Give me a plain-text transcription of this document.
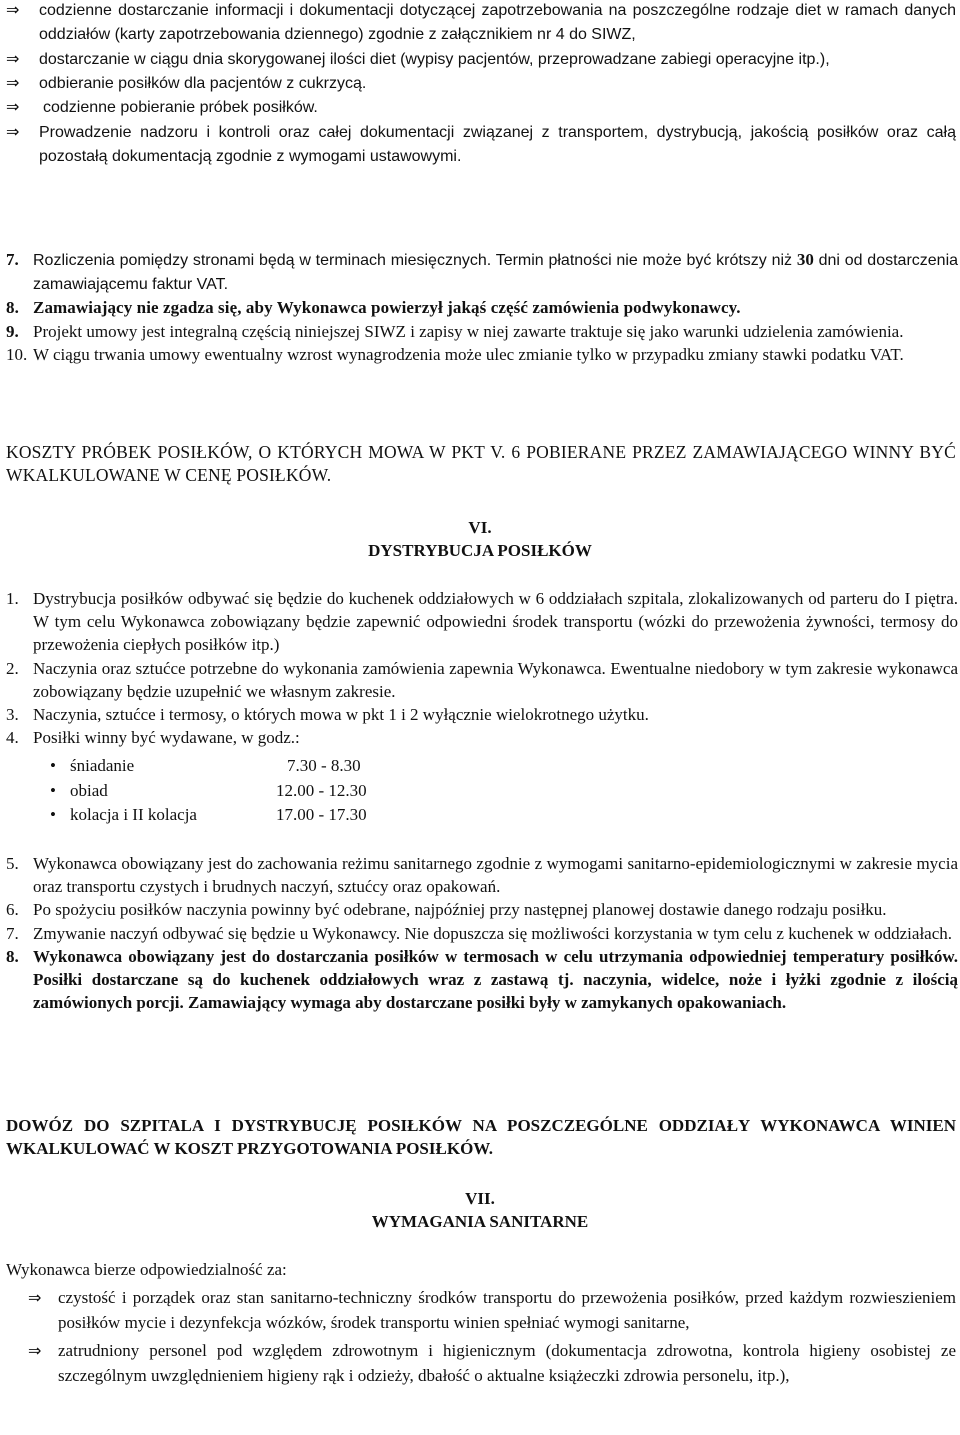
⇒ codzienne dostarczanie informacji i dokumentacji dotyczącej zapotrzebowania na poszczególne rodzaje diet w ramach danych oddziałów (karty zapotrzebowania dziennego) zgodnie z załącznikiem nr 4 do SIWZ,
⇒ dostarczanie w ciągu dnia skorygowanej ilości diet (wypisy pacjentów, przeprowadzane zabiegi operacyjne itp.),
⇒ odbieranie posiłków dla pacjentów z cukrzycą.
⇒ codzienne pobieranie próbek posiłków.
⇒ Prowadzenie nadzoru i kontroli oraz całej dokumentacji związanej z transportem, dystrybucją, jakością posiłków oraz całą pozostałą dokumentacją zgodnie z wymogami ustawowymi.
7. Rozliczenia pomiędzy stronami będą w terminach miesięcznych. Termin płatności nie może być krótszy niż 30 dni od dostarczenia zamawiającemu faktur VAT.
8. Zamawiający nie zgadza się, aby Wykonawca powierzył jakąś część zamówienia podwykonawcy.
9. Projekt umowy jest integralną częścią niniejszej SIWZ i zapisy w niej zawarte traktuje się jako warunki udzielenia zamówienia.
10. W ciągu trwania umowy ewentualny wzrost wynagrodzenia może ulec zmianie tylko w przypadku zmiany stawki podatku VAT.
KOSZTY PRÓBEK POSIŁKÓW, O KTÓRYCH MOWA W PKT V. 6 POBIERANE PRZEZ ZAMAWIAJĄCEGO WINNY BYĆ WKALKULOWANE W CENĘ POSIŁKÓW.
VI.
DYSTRYBUCJA POSIŁKÓW
1. Dystrybucja posiłków odbywać się będzie do kuchenek oddziałowych w 6 oddziałach szpitala, zlokalizowanych od parteru do I piętra. W tym celu Wykonawca zobowiązany będzie zapewnić odpowiedni środek transportu (wózki do przewożenia żywności, termosy do przewożenia ciepłych posiłków itp.)
2. Naczynia oraz sztućce potrzebne do wykonania zamówienia zapewnia Wykonawca. Ewentualne niedobory w tym zakresie wykonawca zobowiązany będzie uzupełnić we własnym zakresie.
3. Naczynia, sztućce i termosy, o których mowa w pkt 1 i 2 wyłącznie wielokrotnego użytku.
4. Posiłki winny być wydawane, w godz.:
• śniadanie	7.30 - 8.30
• obiad	12.00 - 12.30
• kolacja i II kolacja	17.00 - 17.30
5. Wykonawca obowiązany jest do zachowania reżimu sanitarnego zgodnie z wymogami sanitarno-epidemiologicznymi w zakresie mycia oraz transportu czystych i brudnych naczyń, sztućcy oraz opakowań.
6. Po spożyciu posiłków naczynia powinny być odebrane, najpóźniej przy następnej planowej dostawie danego rodzaju posiłku.
7. Zmywanie naczyń odbywać się będzie u Wykonawcy. Nie dopuszcza się możliwości korzystania w tym celu z kuchenek w oddziałach.
8. Wykonawca obowiązany jest do dostarczania posiłków w termosach w celu utrzymania odpowiedniej temperatury posiłków. Posiłki dostarczane są do kuchenek oddziałowych wraz z zastawą tj. naczynia, widelce, noże i łyżki zgodnie z ilością zamówionych porcji. Zamawiający wymaga aby dostarczane posiłki były w zamykanych opakowaniach.
DOWÓZ DO SZPITALA I DYSTRYBUCJĘ POSIŁKÓW NA POSZCZEGÓLNE ODDZIAŁY WYKONAWCA WINIEN WKALKULOWAĆ W KOSZT PRZYGOTOWANIA POSIŁKÓW.
VII.
WYMAGANIA SANITARNE
Wykonawca bierze odpowiedzialność za:
⇒ czystość i porządek oraz stan sanitarno-techniczny środków transportu do przewożenia posiłków, przed każdym rozwieszieniem posiłków mycie i dezynfekcja wózków, środek transportu winien spełniać wymogi sanitarne,
⇒ zatrudniony personel pod względem zdrowotnym i higienicznym (dokumentacja zdrowotna, kontrola higieny osobistej ze szczególnym uwzględnieniem higieny rąk i odzieży, dbałość o aktualne książeczki zdrowia personelu, itp.),
